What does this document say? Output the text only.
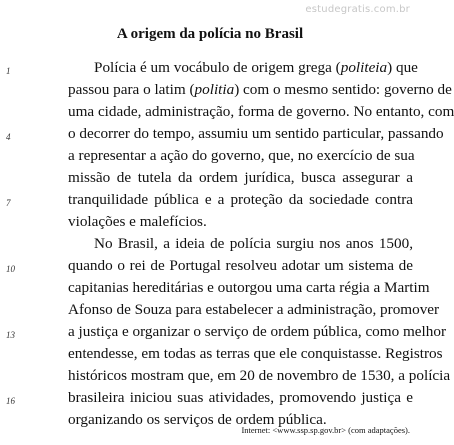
estudegratis.com.br
A origem da polícia no Brasil
1	Polícia é um vocábulo de origem grega (politeia) que
passou para o latim (politia) com o mesmo sentido: governo de
uma cidade, administração, forma de governo. No entanto, com
4	o decorrer do tempo, assumiu um sentido particular, passando
a representar a ação do governo, que, no exercício de sua
missão de tutela da ordem jurídica, busca assegurar a
7	tranquilidade pública e a proteção da sociedade contra
violações e malefícios.
No Brasil, a ideia de polícia surgiu nos anos 1500,
10	quando o rei de Portugal resolveu adotar um sistema de
capitanias hereditárias e outorgou uma carta régia a Martim
Afonso de Souza para estabelecer a administração, promover
13	a justiça e organizar o serviço de ordem pública, como melhor
entendesse, em todas as terras que ele conquistasse. Registros
históricos mostram que, em 20 de novembro de 1530, a polícia
16	brasileira iniciou suas atividades, promovendo justiça e
organizando os serviços de ordem pública.
Internet: <www.ssp.sp.gov.br> (com adaptações).
